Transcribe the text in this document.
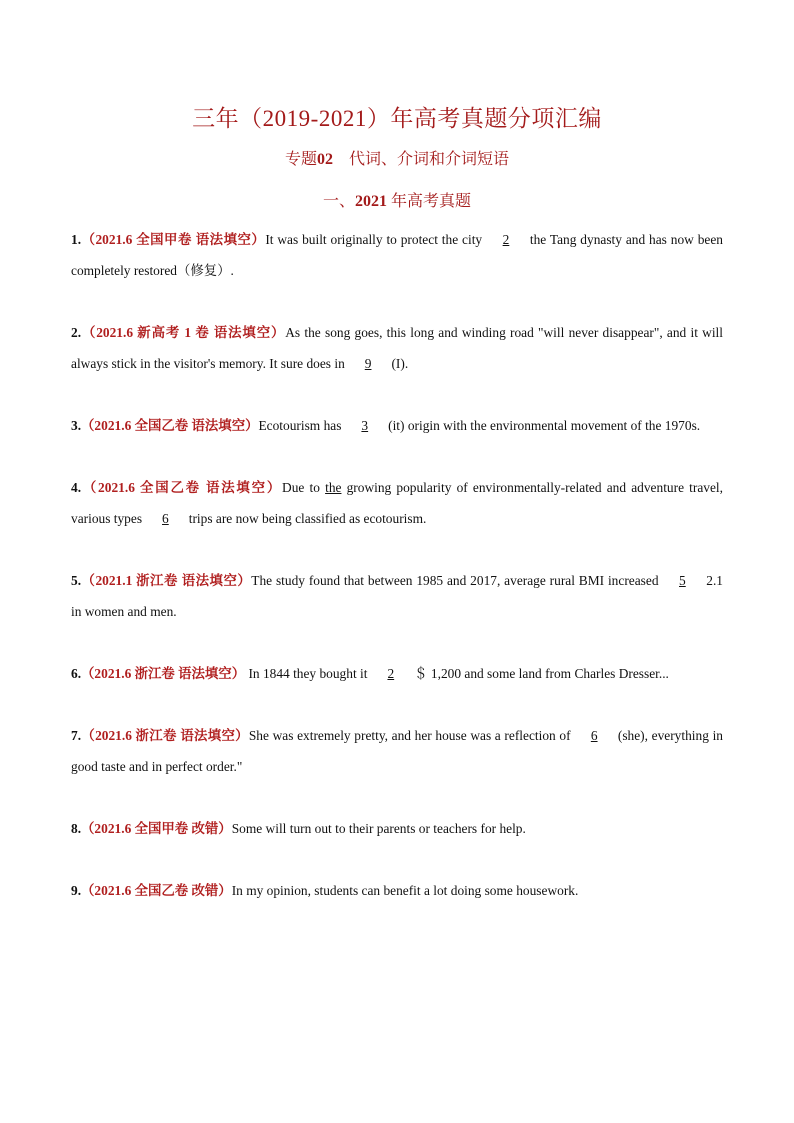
三年（2019-2021）年高考真题分项汇编
专题02 代词、介词和介词短语
一、2021 年高考真题
1.（2021.6 全国甲卷 语法填空）It was built originally to protect the city 2 the Tang dynasty and has now been completely restored（修复）.
2.（2021.6 新高考 1 卷 语法填空）As the song goes, this long and winding road "will never disappear", and it will always stick in the visitor's memory. It sure does in 9 (I).
3.（2021.6 全国乙卷 语法填空）Ecotourism has 3 (it) origin with the environmental movement of the 1970s.
4.（2021.6 全国乙卷 语法填空）Due to the growing popularity of environmentally-related and adventure travel, various types 6 trips are now being classified as ecotourism.
5.（2021.1 浙江卷 语法填空）The study found that between 1985 and 2017, average rural BMI increased 5 2.1 in women and men.
6.（2021.6 浙江卷 语法填空） In 1844 they bought it 2 ＄ 1,200 and some land from Charles Dresser...
7.（2021.6 浙江卷 语法填空）She was extremely pretty, and her house was a reflection of 6 (she), everything in good taste and in perfect order."
8.（2021.6 全国甲卷 改错）Some will turn out to their parents or teachers for help.
9.（2021.6 全国乙卷 改错）In my opinion, students can benefit a lot doing some housework.
